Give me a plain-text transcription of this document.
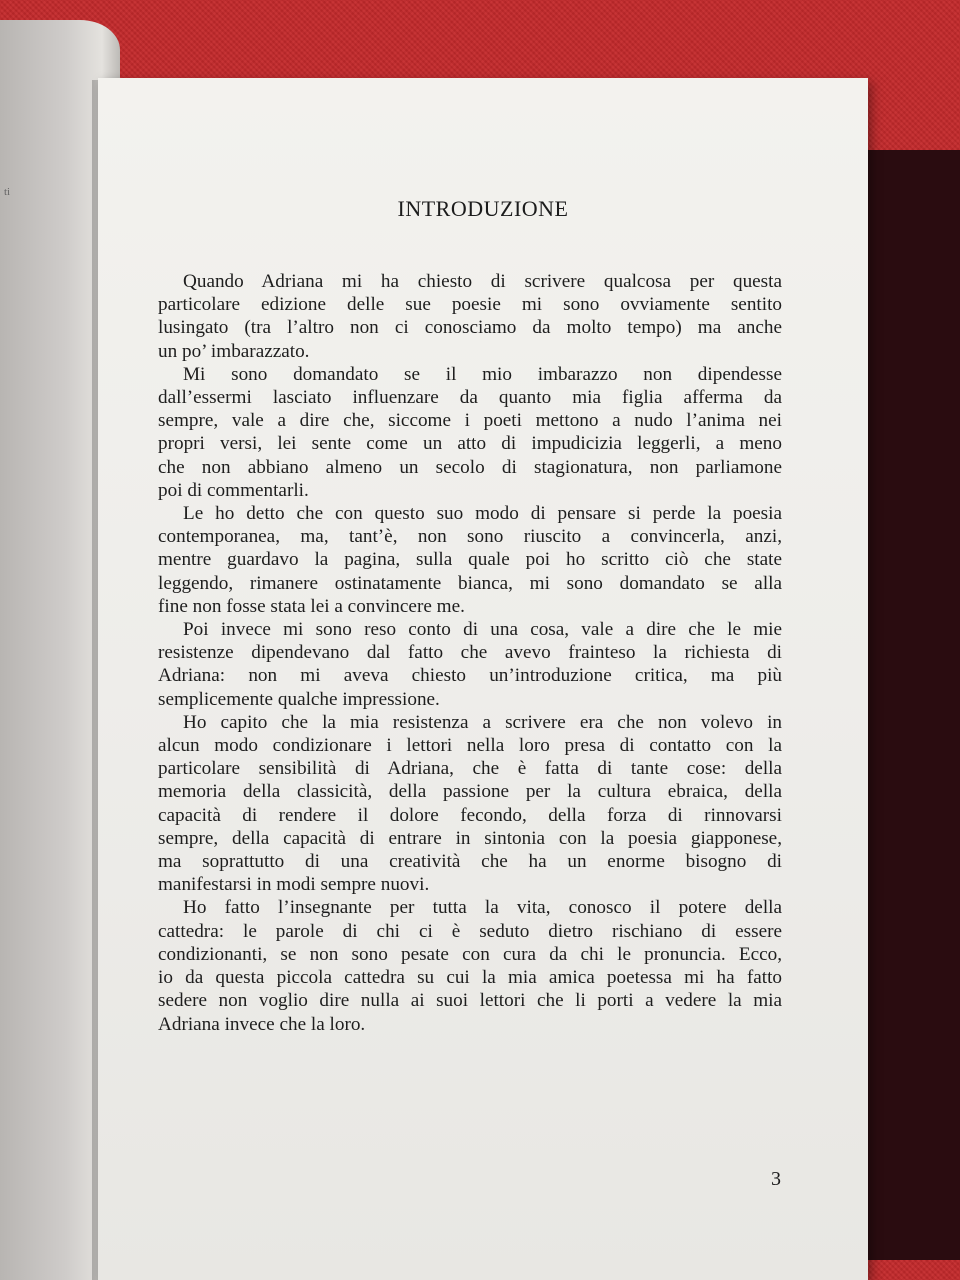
ti
INTRODUZIONE
Quando Adriana mi ha chiesto di scrivere qualcosa per questa
particolare edizione delle sue poesie mi sono ovviamente sentito
lusingato (tra l’altro non ci conosciamo da molto tempo) ma anche
un po’ imbarazzato.
Mi sono domandato se il mio imbarazzo non dipendesse
dall’essermi lasciato influenzare da quanto mia figlia afferma da
sempre, vale a dire che, siccome i poeti mettono a nudo l’anima nei
propri versi, lei sente come un atto di impudicizia leggerli, a meno
che non abbiano almeno un secolo di stagionatura, non parliamone
poi di commentarli.
Le ho detto che con questo suo modo di pensare si perde la poesia
contemporanea, ma, tant’è, non sono riuscito a convincerla, anzi,
mentre guardavo la pagina, sulla quale poi ho scritto ciò che state
leggendo, rimanere ostinatamente bianca, mi sono domandato se alla
fine non fosse stata lei a convincere me.
Poi invece mi sono reso conto di una cosa, vale a dire che le mie
resistenze dipendevano dal fatto che avevo frainteso la richiesta di
Adriana: non mi aveva chiesto un’introduzione critica, ma più
semplicemente qualche impressione.
Ho capito che la mia resistenza a scrivere era che non volevo in
alcun modo condizionare i lettori nella loro presa di contatto con la
particolare sensibilità di Adriana, che è fatta di tante cose: della
memoria della classicità, della passione per la cultura ebraica, della
capacità di rendere il dolore fecondo, della forza di rinnovarsi
sempre, della capacità di entrare in sintonia con la poesia giapponese,
ma soprattutto di una creatività che ha un enorme bisogno di
manifestarsi in modi sempre nuovi.
Ho fatto l’insegnante per tutta la vita, conosco il potere della
cattedra: le parole di chi ci è seduto dietro rischiano di essere
condizionanti, se non sono pesate con cura da chi le pronuncia. Ecco,
io da questa piccola cattedra su cui la mia amica poetessa mi ha fatto
sedere non voglio dire nulla ai suoi lettori che li porti a vedere la mia
Adriana invece che la loro.
3
